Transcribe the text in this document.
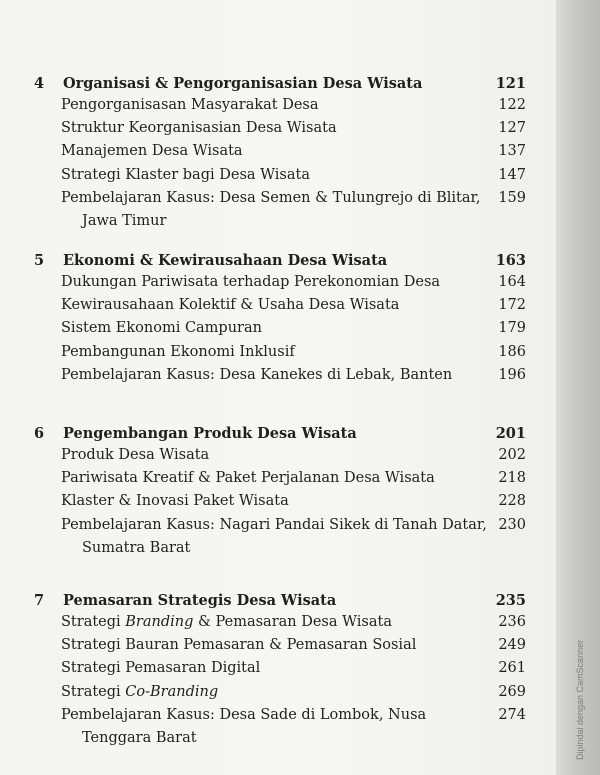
Dipindai dengan CamScanner
4 Organisasi & Pengorganisasian Desa Wisata	121
Pengorganisasan Masyarakat Desa	122
Struktur Keorganisasian Desa Wisata	127
Manajemen Desa Wisata	137
Strategi Klaster bagi Desa Wisata	147
Pembelajaran Kasus: Desa Semen & Tulungrejo di Blitar,	159
Jawa Timur
5 Ekonomi & Kewirausahaan Desa Wisata	163
Dukungan Pariwisata terhadap Perekonomian Desa	164
Kewirausahaan Kolektif & Usaha Desa Wisata	172
Sistem Ekonomi Campuran	179
Pembangunan Ekonomi Inklusif	186
Pembelajaran Kasus: Desa Kanekes di Lebak, Banten	196
6 Pengembangan Produk Desa Wisata	201
Produk Desa Wisata	202
Pariwisata Kreatif & Paket Perjalanan Desa Wisata	218
Klaster & Inovasi Paket Wisata	228
Pembelajaran Kasus: Nagari Pandai Sikek di Tanah Datar, 230
Sumatra Barat
7 Pemasaran Strategis Desa Wisata	235
Strategi Branding & Pemasaran Desa Wisata	236
Strategi Bauran Pemasaran & Pemasaran Sosial	249
Strategi Pemasaran Digital	261
Strategi Co-Branding	269
Pembelajaran Kasus: Desa Sade di Lombok, Nusa	274
Tenggara Barat
